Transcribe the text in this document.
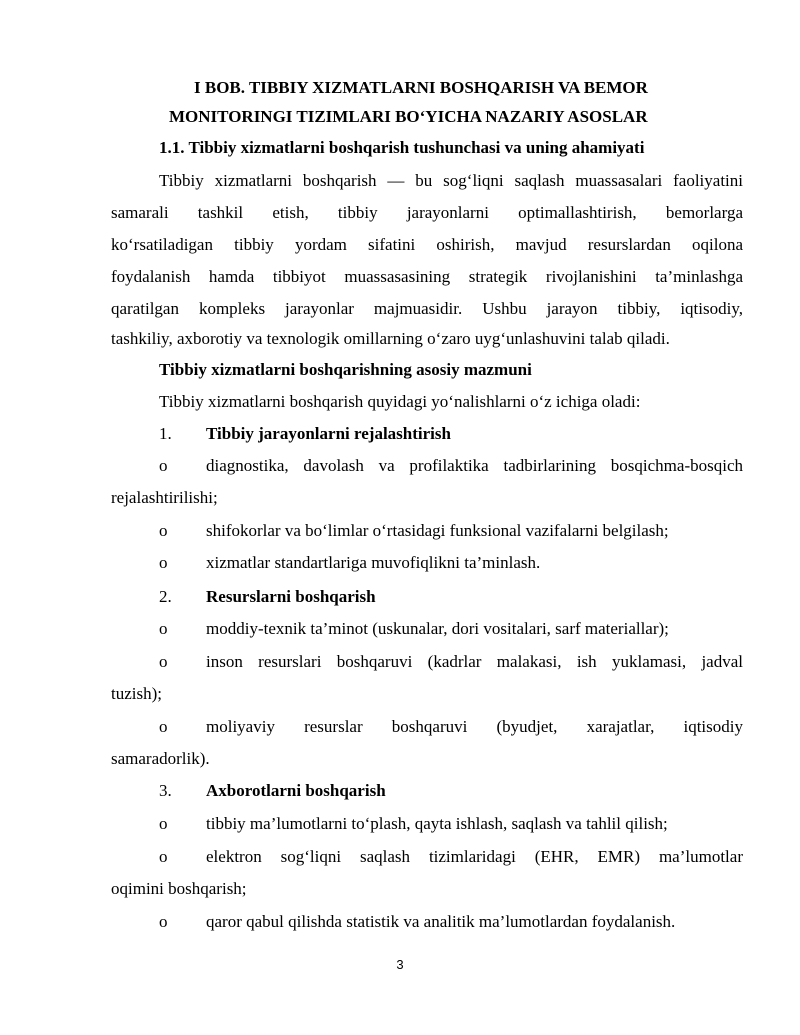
I BOB. TIBBIY XIZMATLARNI BOSHQARISH VA BEMOR
MONITORINGI TIZIMLARI BO‘YICHA NAZARIY ASOSLAR
1.1. Tibbiy xizmatlarni boshqarish tushunchasi va uning ahamiyati
Tibbiy xizmatlarni boshqarish — bu sog‘liqni saqlash muassasalari faoliyatini
samarali tashkil etish, tibbiy jarayonlarni optimallashtirish, bemorlarga
ko‘rsatiladigan tibbiy yordam sifatini oshirish, mavjud resurslardan oqilona
foydalanish hamda tibbiyot muassasasining strategik rivojlanishini ta’minlashga
qaratilgan kompleks jarayonlar majmuasidir. Ushbu jarayon tibbiy, iqtisodiy,
tashkiliy, axborotiy va texnologik omillarning o‘zaro uyg‘unlashuvini talab qiladi.
Tibbiy xizmatlarni boshqarishning asosiy mazmuni
Tibbiy xizmatlarni boshqarish quyidagi yo‘nalishlarni o‘z ichiga oladi:
1. Tibbiy jarayonlarni rejalashtirish
o diagnostika, davolash va profilaktika tadbirlarining bosqichma-bosqich
rejalashtirilishi;
o shifokorlar va bo‘limlar o‘rtasidagi funksional vazifalarni belgilash;
o xizmatlar standartlariga muvofiqlikni ta’minlash.
2. Resurslarni boshqarish
o moddiy-texnik ta’minot (uskunalar, dori vositalari, sarf materiallar);
o inson resurslari boshqaruvi (kadrlar malakasi, ish yuklamasi, jadval
tuzish);
o moliyaviy resurslar boshqaruvi (byudjet, xarajatlar, iqtisodiy
samaradorlik).
3. Axborotlarni boshqarish
o tibbiy ma’lumotlarni to‘plash, qayta ishlash, saqlash va tahlil qilish;
o elektron sog‘liqni saqlash tizimlaridagi (EHR, EMR) ma’lumotlar
oqimini boshqarish;
o qaror qabul qilishda statistik va analitik ma’lumotlardan foydalanish.
3
